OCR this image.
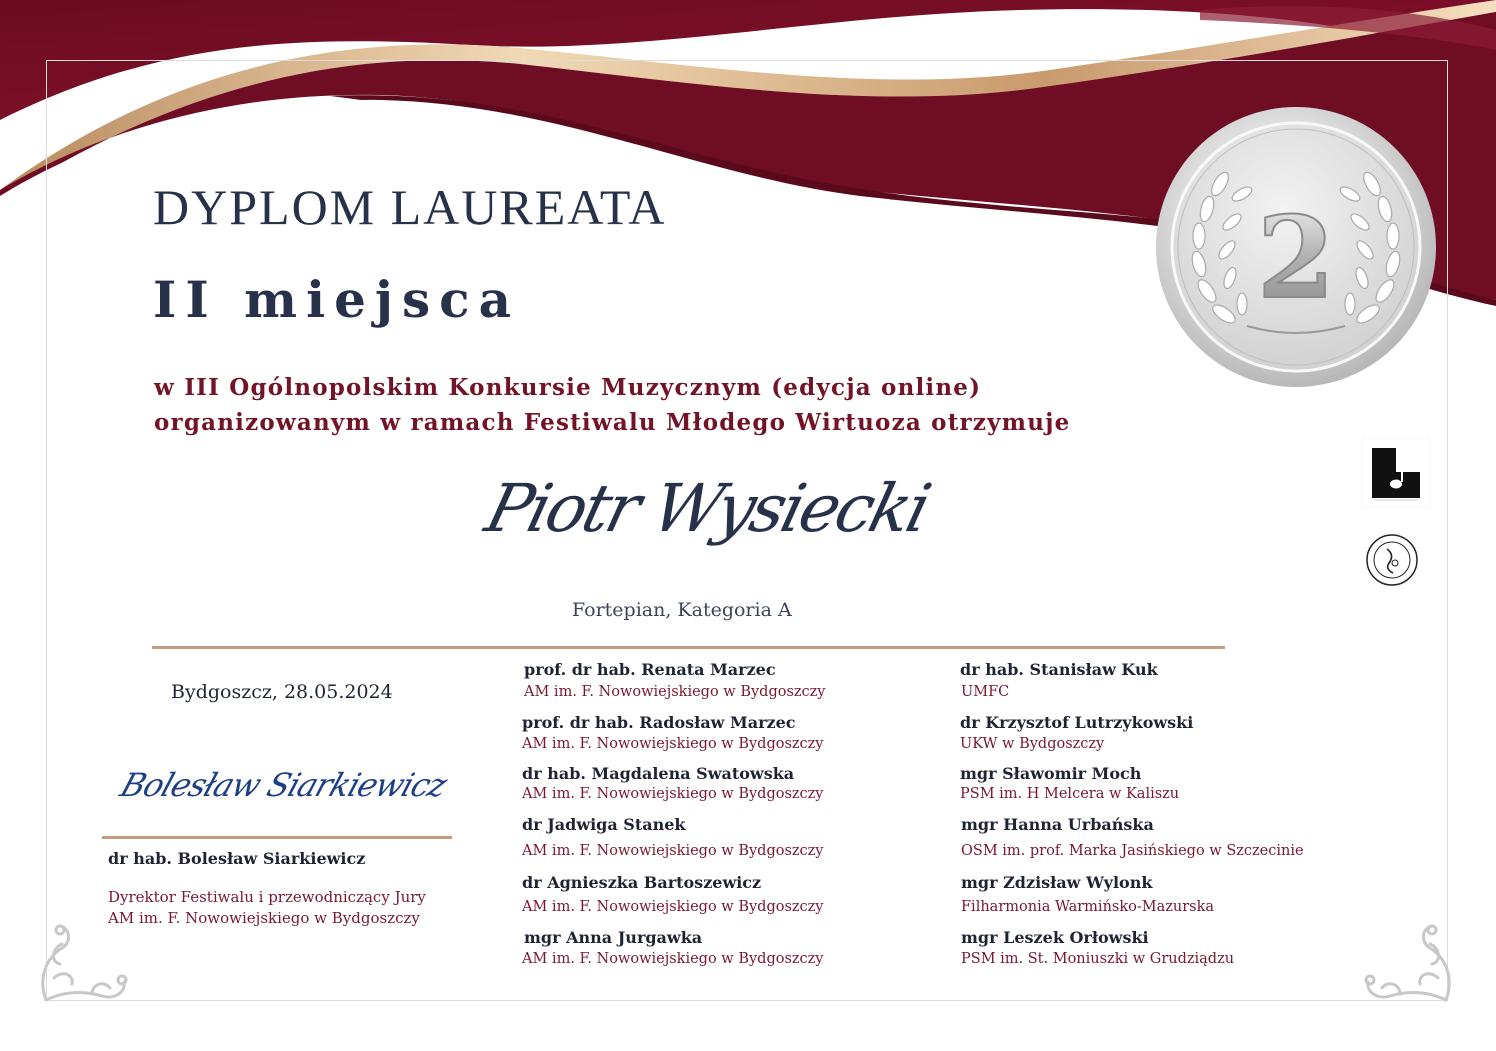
2
DYPLOM LAUREATA
II miejsca
w III Ogólnopolskim Konkursie Muzycznym (edycja online)
organizowanym w ramach Festiwalu Młodego Wirtuoza otrzymuje
Piotr Wysiecki
Fortepian, Kategoria A
Bydgoszcz, 28.05.2024
Bolesław Siarkiewicz
dr hab. Bolesław Siarkiewicz
Dyrektor Festiwalu i przewodniczący Jury
AM im. F. Nowowiejskiego w Bydgoszczy
prof. dr hab. Renata Marzec
AM im. F. Nowowiejskiego w Bydgoszczy
prof. dr hab. Radosław Marzec
AM im. F. Nowowiejskiego w Bydgoszczy
dr hab. Magdalena Swatowska
AM im. F. Nowowiejskiego w Bydgoszczy
dr Jadwiga Stanek
AM im. F. Nowowiejskiego w Bydgoszczy
dr Agnieszka Bartoszewicz
AM im. F. Nowowiejskiego w Bydgoszczy
mgr Anna Jurgawka
AM im. F. Nowowiejskiego w Bydgoszczy
dr hab. Stanisław Kuk
UMFC
dr Krzysztof Lutrzykowski
UKW w Bydgoszczy
mgr Sławomir Moch
PSM im. H Melcera w Kaliszu
mgr Hanna Urbańska
OSM im. prof. Marka Jasińskiego w Szczecinie
mgr Zdzisław Wylonk
Filharmonia Warmińsko-Mazurska
mgr Leszek Orłowski
PSM im. St. Moniuszki w Grudziądzu
